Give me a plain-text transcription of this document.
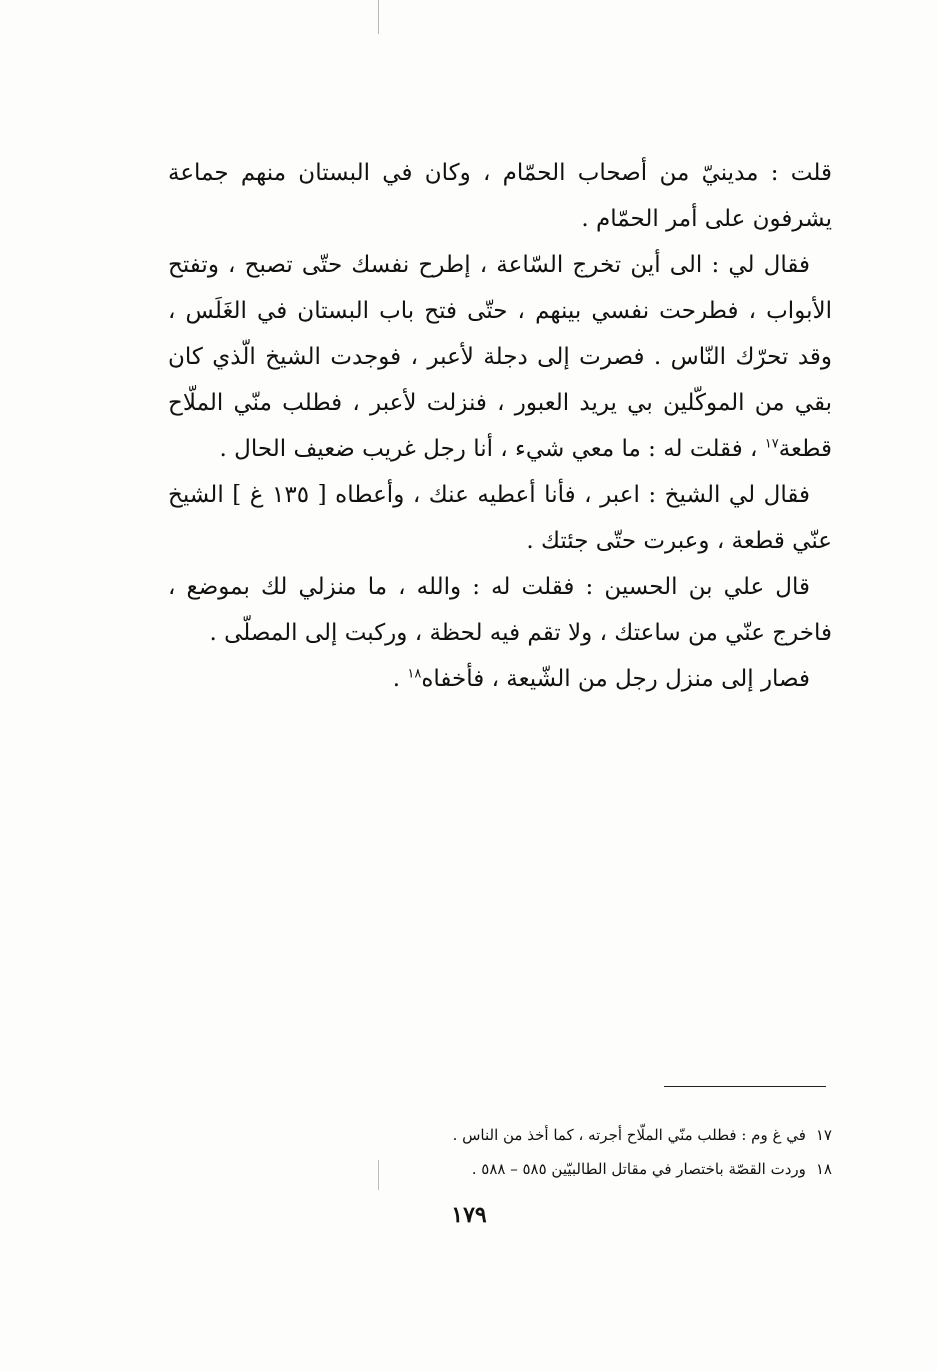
قلت : مدينيّ من أصحاب الحمّام ، وكان في البستان منهم جماعة يشرفون على أمر الحمّام .

فقال لي : الى أين تخرج السّاعة ، إطرح نفسك حتّى تصبح ، وتفتح الأبواب ، فطرحت نفسي بينهم ، حتّى فتح باب البستان في الغَلَس ، وقد تحرّك النّاس . فصرت إلى دجلة لأعبر ، فوجدت الشيخ الّذي كان بقي من الموكّلين بي يريد العبور ، فنزلت لأعبر ، فطلب منّي الملّاح قطعة$^{١٧}$ ، فقلت له : ما معي شيء ، أنا رجل غريب ضعيف الحال .

فقال لي الشيخ : اعبر ، فأنا أعطيه عنك ، وأعطاه [ ١٣٥ غ ] الشيخ عنّي قطعة ، وعبرت حتّى جئتك .

قال علي بن الحسين : فقلت له : والله ، ما منزلي لك بموضع ، فاخرج عنّي من ساعتك ، ولا تقم فيه لحظة ، وركبت إلى المصلّى .

فصار إلى منزل رجل من الشّيعة ، فأخفاه$^{١٨}$ .

١٧في غ وم : فطلب منّي الملّاح أجرته ، كما أخذ من الناس .

١٨وردت القصّة باختصار في مقاتل الطالبيّين ٥٨٥ – ٥٨٨ .

١٧٩
